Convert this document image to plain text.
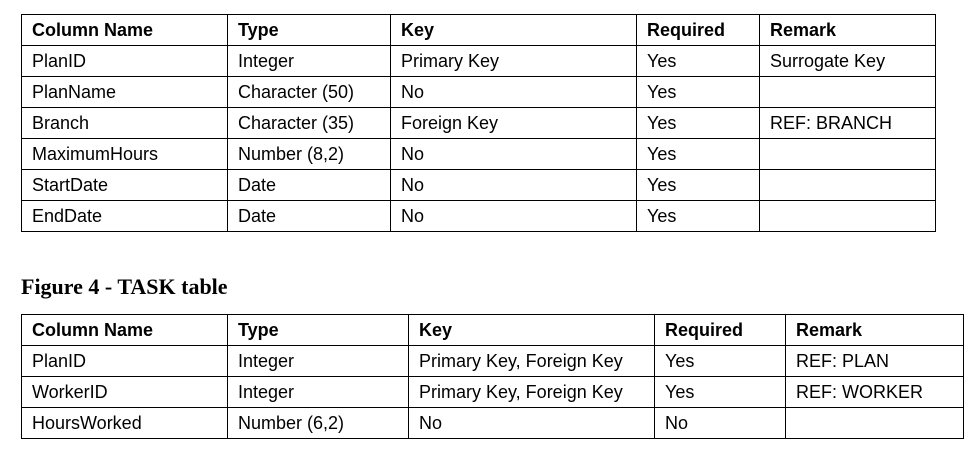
Column Name	Type	Key	Required	Remark
PlanID	Integer	Primary Key	Yes	Surrogate Key
PlanName	Character (50)	No	Yes	
Branch	Character (35)	Foreign Key	Yes	REF: BRANCH
MaximumHours	Number (8,2)	No	Yes	
StartDate	Date	No	Yes	
EndDate	Date	No	Yes	
Figure 4 - TASK table
Column Name	Type	Key	Required	Remark
PlanID	Integer	Primary Key, Foreign Key	Yes	REF: PLAN
WorkerID	Integer	Primary Key, Foreign Key	Yes	REF: WORKER
HoursWorked	Number (6,2)	No	No	
